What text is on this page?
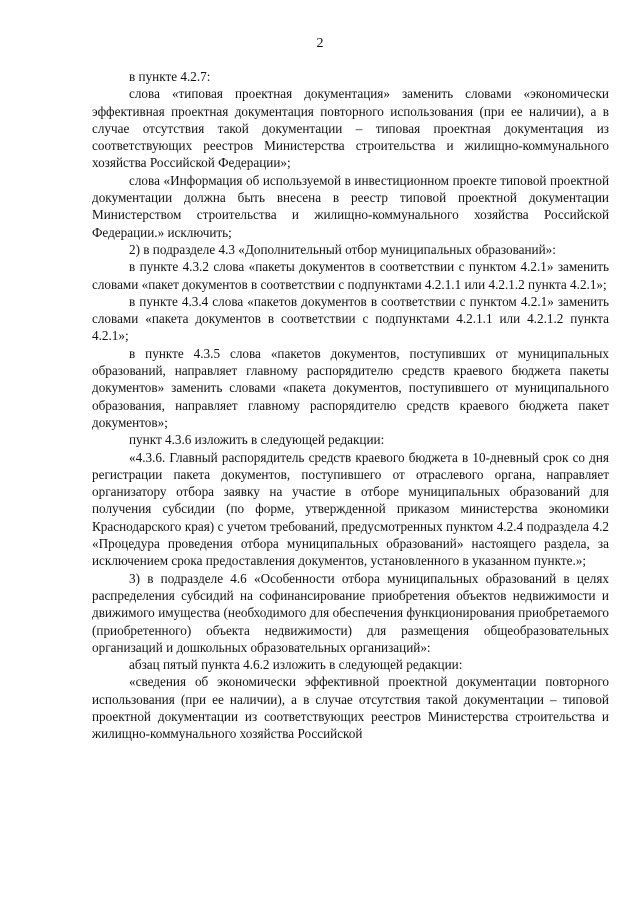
2

в пункте 4.2.7:

слова «типовая проектная документация» заменить словами «экономически эффективная проектная документация повторного использования (при ее наличии), а в случае отсутствия такой документации – типовая проектная документация из соответствующих реестров Министерства строительства и жилищно-коммунального хозяйства Российской Федерации»;

слова «Информация об используемой в инвестиционном проекте типовой проектной документации должна быть внесена в реестр типовой проектной документации Министерством строительства и жилищно-коммунального хозяйства Российской Федерации.» исключить;

2) в подразделе 4.3 «Дополнительный отбор муниципальных образований»:

в пункте 4.3.2 слова «пакеты документов в соответствии с пунктом 4.2.1» заменить словами «пакет документов в соответствии с подпунктами 4.2.1.1 или 4.2.1.2 пункта 4.2.1»;

в пункте 4.3.4 слова «пакетов документов в соответствии с пунктом 4.2.1» заменить словами «пакета документов в соответствии с подпунктами 4.2.1.1 или 4.2.1.2 пункта 4.2.1»;

в пункте 4.3.5 слова «пакетов документов, поступивших от муниципальных образований, направляет главному распорядителю средств краевого бюджета пакеты документов» заменить словами «пакета документов, поступившего от муниципального образования, направляет главному распорядителю средств краевого бюджета пакет документов»;

пункт 4.3.6 изложить в следующей редакции:

«4.3.6. Главный распорядитель средств краевого бюджета в 10-дневный срок со дня регистрации пакета документов, поступившего от отраслевого органа, направляет организатору отбора заявку на участие в отборе муниципальных образований для получения субсидии (по форме, утвержденной приказом министерства экономики Краснодарского края) с учетом требований, предусмотренных пунктом 4.2.4 подраздела 4.2 «Процедура проведения отбора муниципальных образований» настоящего раздела, за исключением срока предоставления документов, установленного в указанном пункте.»;

3) в подразделе 4.6 «Особенности отбора муниципальных образований в целях распределения субсидий на софинансирование приобретения объектов недвижимости и движимого имущества (необходимого для обеспечения функционирования приобретаемого (приобретенного) объекта недвижимости) для размещения общеобразовательных организаций и дошкольных образовательных организаций»:

абзац пятый пункта 4.6.2 изложить в следующей редакции:

«сведения об экономически эффективной проектной документации повторного использования (при ее наличии), а в случае отсутствия такой документации – типовой проектной документации из соответствующих реестров Министерства строительства и жилищно-коммунального хозяйства Российской
